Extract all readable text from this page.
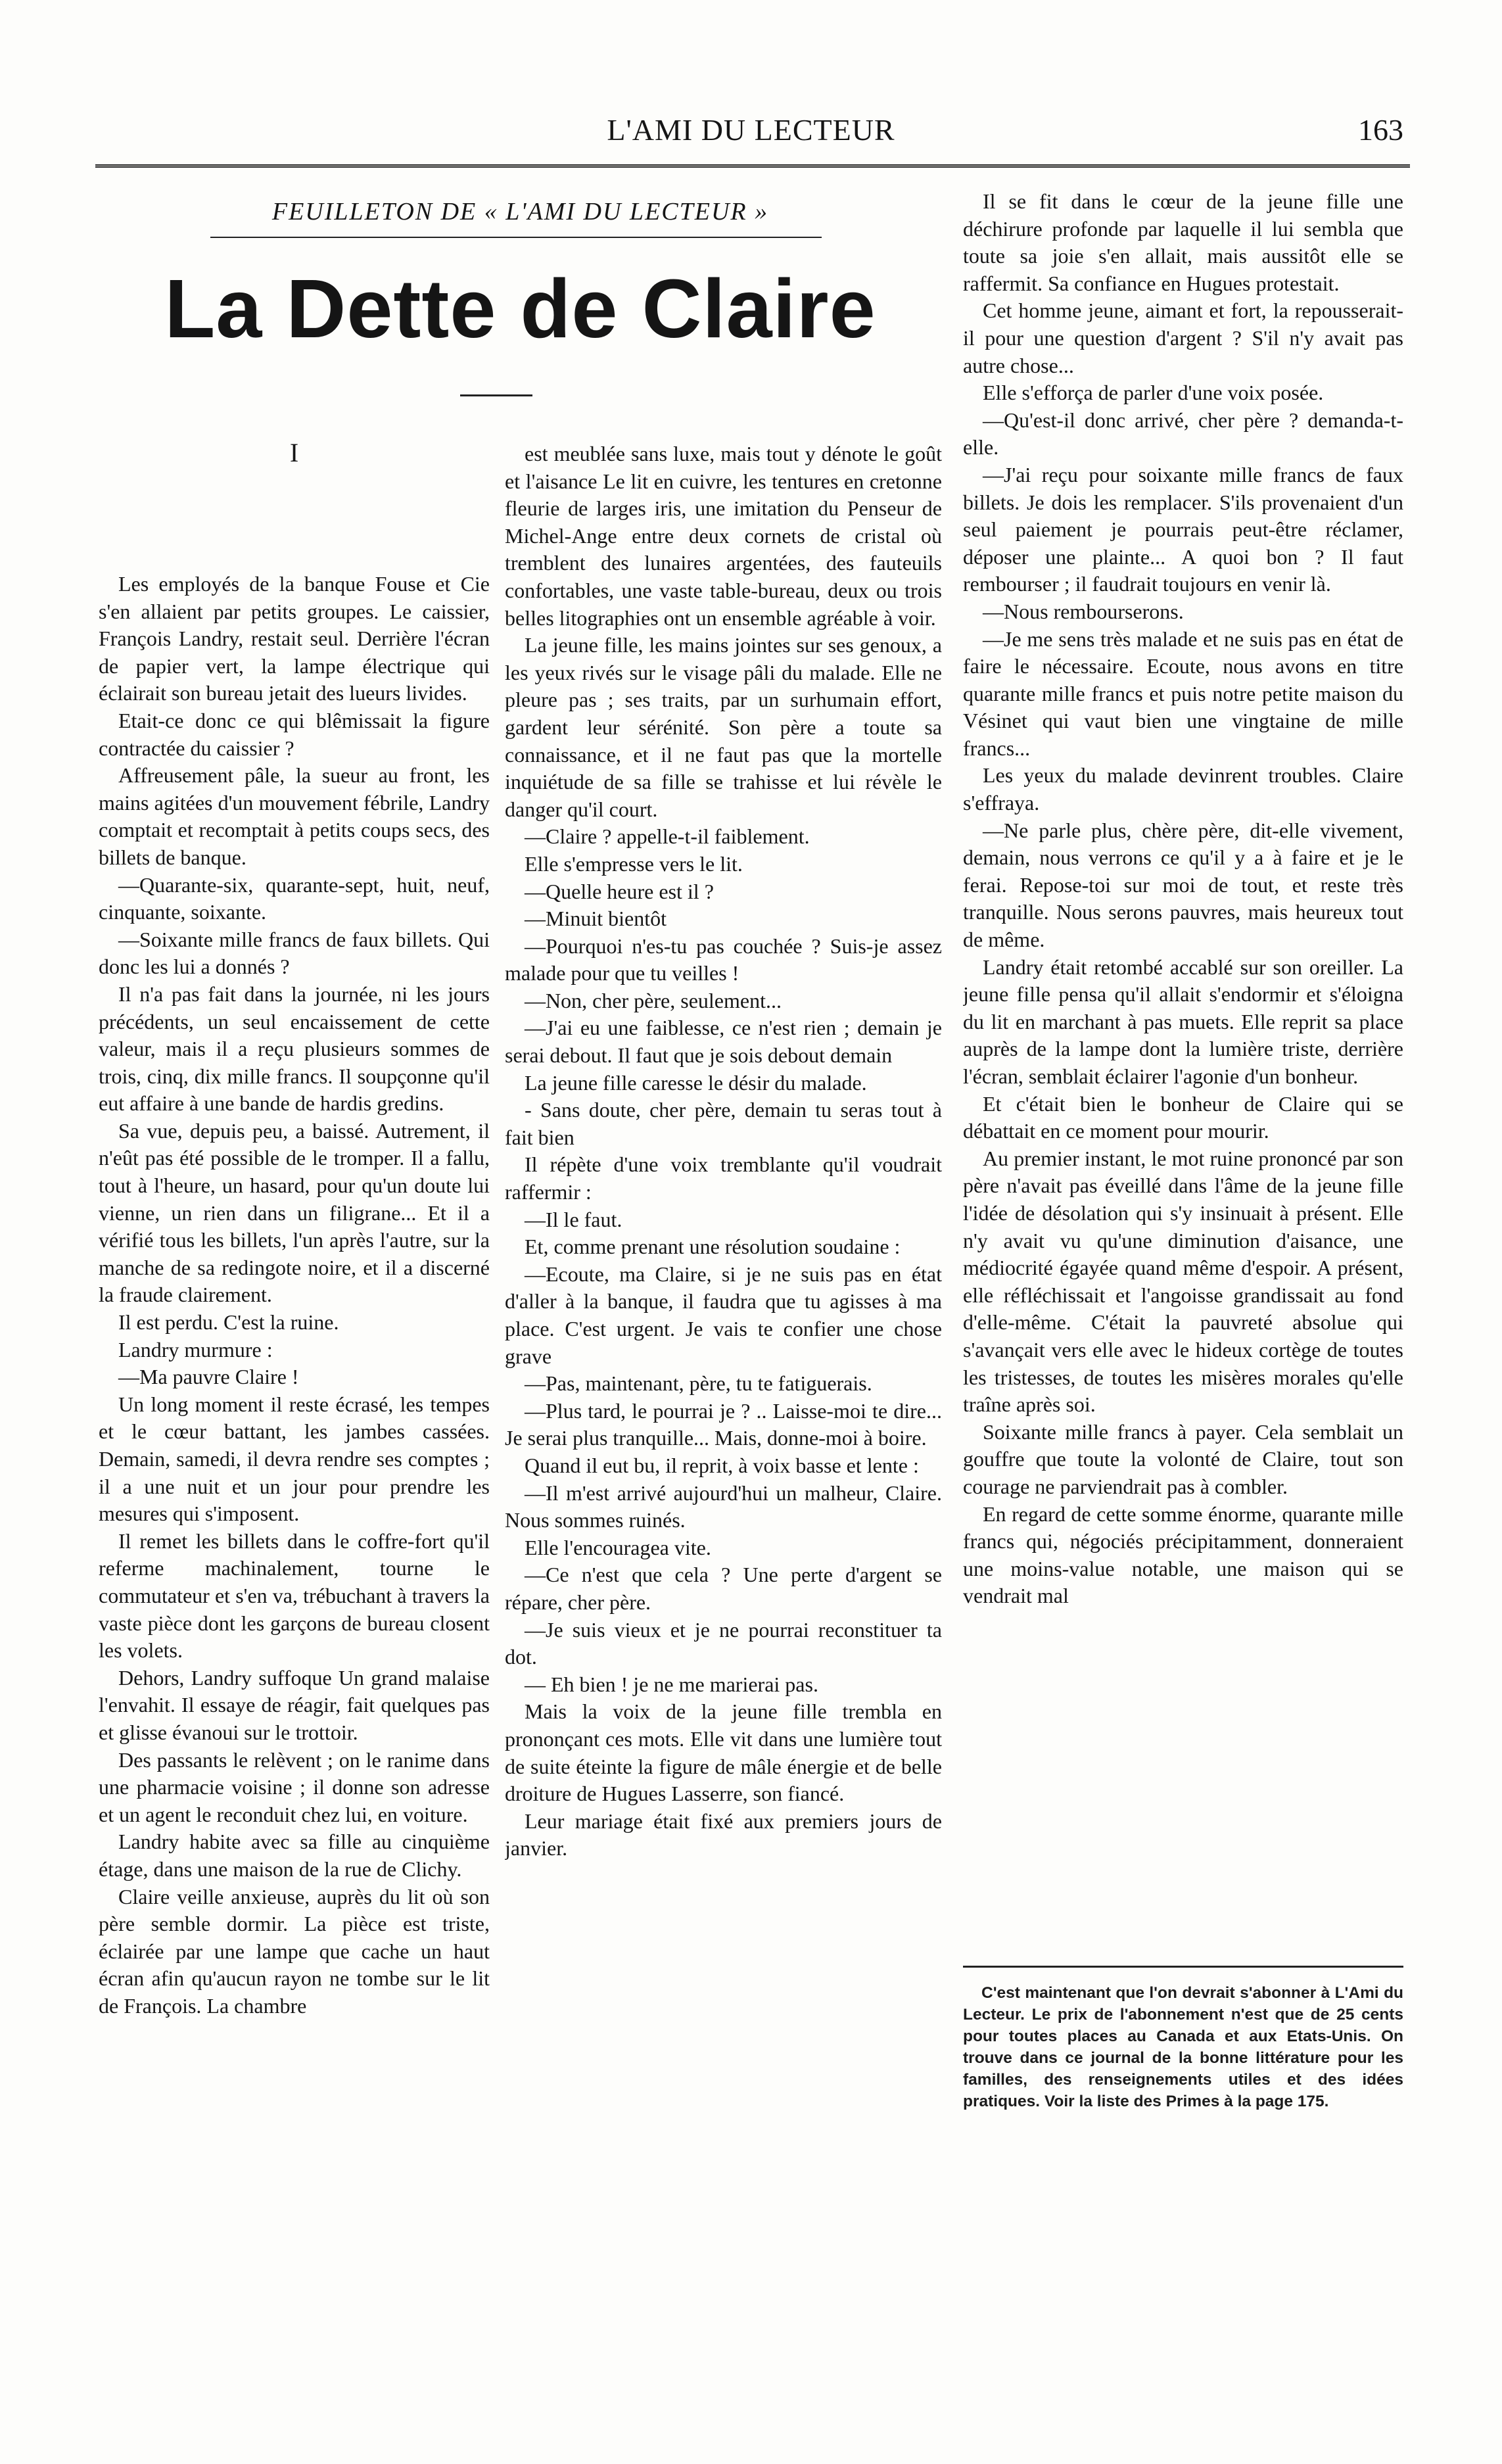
L'AMI DU LECTEUR	163
FEUILLETON DE « L'AMI DU LECTEUR »
La Dette de Claire
I

Les employés de la banque Fouse et Cie s'en allaient par petits groupes. Le caissier, François Landry, restait seul. Derrière l'écran de papier vert, la lampe électrique qui éclairait son bureau jetait des lueurs livides.

Etait-ce donc ce qui blêmissait la figure contractée du caissier ?

Affreusement pâle, la sueur au front, les mains agitées d'un mouvement fébrile, Landry comptait et recomptait à petits coups secs, des billets de banque.

—Quarante-six, quarante-sept, huit, neuf, cinquante, soixante.

—Soixante mille francs de faux billets. Qui donc les lui a donnés ?

Il n'a pas fait dans la journée, ni les jours précédents, un seul encaissement de cette valeur, mais il a reçu plusieurs sommes de trois, cinq, dix mille francs. Il soupçonne qu'il eut affaire à une bande de hardis gredins.

Sa vue, depuis peu, a baissé. Autrement, il n'eût pas été possible de le tromper. Il a fallu, tout à l'heure, un hasard, pour qu'un doute lui vienne, un rien dans un filigrane... Et il a vérifié tous les billets, l'un après l'autre, sur la manche de sa redingote noire, et il a discerné la fraude clairement.

Il est perdu. C'est la ruine.

Landry murmure :

—Ma pauvre Claire !

Un long moment il reste écrasé, les tempes et le cœur battant, les jambes cassées. Demain, samedi, il devra rendre ses comptes ; il a une nuit et un jour pour prendre les mesures qui s'imposent.

Il remet les billets dans le coffre-fort qu'il referme machinalement, tourne le commutateur et s'en va, trébuchant à travers la vaste pièce dont les garçons de bureau closent les volets.

Dehors, Landry suffoque Un grand malaise l'envahit. Il essaye de réagir, fait quelques pas et glisse évanoui sur le trottoir.

Des passants le relèvent ; on le ranime dans une pharmacie voisine ; il donne son adresse et un agent le reconduit chez lui, en voiture.

Landry habite avec sa fille au cinquième étage, dans une maison de la rue de Clichy.

Claire veille anxieuse, auprès du lit où son père semble dormir. La pièce est triste, éclairée par une lampe que cache un haut écran afin qu'aucun rayon ne tombe sur le lit de François. La chambre

est meublée sans luxe, mais tout y dénote le goût et l'aisance Le lit en cuivre, les tentures en cretonne fleurie de larges iris, une imitation du Penseur de Michel-Ange entre deux cornets de cristal où tremblent des lunaires argentées, des fauteuils confortables, une vaste table-bureau, deux ou trois belles litographies ont un ensemble agréable à voir.

La jeune fille, les mains jointes sur ses genoux, a les yeux rivés sur le visage pâli du malade. Elle ne pleure pas ; ses traits, par un surhumain effort, gardent leur sérénité. Son père a toute sa connaissance, et il ne faut pas que la mortelle inquiétude de sa fille se trahisse et lui révèle le danger qu'il court.

—Claire ? appelle-t-il faiblement.

Elle s'empresse vers le lit.

—Quelle heure est il ?

—Minuit bientôt

—Pourquoi n'es-tu pas couchée ? Suis-je assez malade pour que tu veilles !

—Non, cher père, seulement...

—J'ai eu une faiblesse, ce n'est rien ; demain je serai debout. Il faut que je sois debout demain

La jeune fille caresse le désir du malade.

- Sans doute, cher père, demain tu seras tout à fait bien

Il répète d'une voix tremblante qu'il voudrait raffermir :

—Il le faut.

Et, comme prenant une résolution soudaine :

—Ecoute, ma Claire, si je ne suis pas en état d'aller à la banque, il faudra que tu agisses à ma place. C'est urgent. Je vais te confier une chose grave

—Pas, maintenant, père, tu te fatiguerais.

—Plus tard, le pourrai je ? .. Laisse-moi te dire... Je serai plus tranquille... Mais, donne-moi à boire.

Quand il eut bu, il reprit, à voix basse et lente :

—Il m'est arrivé aujourd'hui un malheur, Claire. Nous sommes ruinés.

Elle l'encouragea vite.

—Ce n'est que cela ? Une perte d'argent se répare, cher père.

—Je suis vieux et je ne pourrai reconstituer ta dot.

— Eh bien ! je ne me marierai pas.

Mais la voix de la jeune fille trembla en prononçant ces mots. Elle vit dans une lumière tout de suite éteinte la figure de mâle énergie et de belle droiture de Hugues Lasserre, son fiancé.

Leur mariage était fixé aux premiers jours de janvier.

Il se fit dans le cœur de la jeune fille une déchirure profonde par laquelle il lui sembla que toute sa joie s'en allait, mais aussitôt elle se raffermit. Sa confiance en Hugues protestait.

Cet homme jeune, aimant et fort, la repousserait-il pour une question d'argent ? S'il n'y avait pas autre chose...

Elle s'efforça de parler d'une voix posée.

—Qu'est-il donc arrivé, cher père ? demanda-t-elle.

—J'ai reçu pour soixante mille francs de faux billets. Je dois les remplacer. S'ils provenaient d'un seul paiement je pourrais peut-être réclamer, déposer une plainte... A quoi bon ? Il faut rembourser ; il faudrait toujours en venir là.

—Nous rembourserons.

—Je me sens très malade et ne suis pas en état de faire le nécessaire. Ecoute, nous avons en titre quarante mille francs et puis notre petite maison du Vésinet qui vaut bien une vingtaine de mille francs...

Les yeux du malade devinrent troubles. Claire s'effraya.

—Ne parle plus, chère père, dit-elle vivement, demain, nous verrons ce qu'il y a à faire et je le ferai. Repose-toi sur moi de tout, et reste très tranquille. Nous serons pauvres, mais heureux tout de même.

Landry était retombé accablé sur son oreiller. La jeune fille pensa qu'il allait s'endormir et s'éloigna du lit en marchant à pas muets. Elle reprit sa place auprès de la lampe dont la lumière triste, derrière l'écran, semblait éclairer l'agonie d'un bonheur.

Et c'était bien le bonheur de Claire qui se débattait en ce moment pour mourir.

Au premier instant, le mot ruine prononcé par son père n'avait pas éveillé dans l'âme de la jeune fille l'idée de désolation qui s'y insinuait à présent. Elle n'y avait vu qu'une diminution d'aisance, une médiocrité égayée quand même d'espoir. A présent, elle réfléchissait et l'angoisse grandissait au fond d'elle-même. C'était la pauvreté absolue qui s'avançait vers elle avec le hideux cortège de toutes les tristesses, de toutes les misères morales qu'elle traîne après soi.

Soixante mille francs à payer. Cela semblait un gouffre que toute la volonté de Claire, tout son courage ne parviendrait pas à combler.

En regard de cette somme énorme, quarante mille francs qui, négociés précipitamment, donneraient une moins-value notable, une maison qui se vendrait mal

C'est maintenant que l'on devrait s'abonner à L'Ami du Lecteur. Le prix de l'abonnement n'est que de 25 cents pour toutes places au Canada et aux Etats-Unis. On trouve dans ce journal de la bonne littérature pour les familles, des renseignements utiles et des idées pratiques. Voir la liste des Primes à la page 175.
